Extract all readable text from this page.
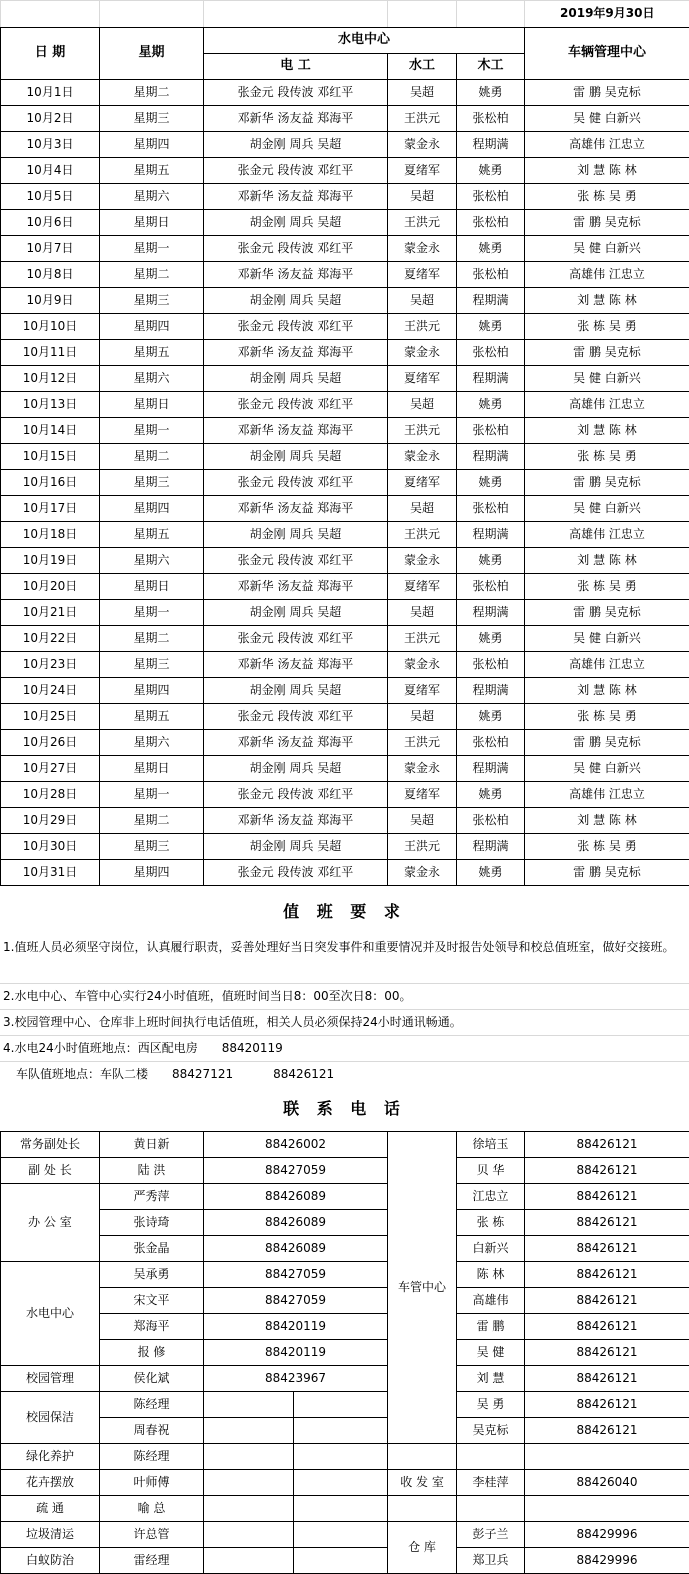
					2019年9月30日
日 期	星期	水电中心			车辆管理中心
		电 工	水工	木工	
10月1日	星期二	张金元 段传波 邓红平	吴超	姚勇	雷 鹏 吴克标
10月2日	星期三	邓新华 汤友益 郑海平	王洪元	张松柏	吴 健 白新兴
10月3日	星期四	胡金刚 周兵 吴超	蒙金永	程期满	高雄伟 江忠立
10月4日	星期五	张金元 段传波 邓红平	夏绪军	姚勇	刘 慧 陈 林
10月5日	星期六	邓新华 汤友益 郑海平	吴超	张松柏	张 栋 吴 勇
10月6日	星期日	胡金刚 周兵 吴超	王洪元	张松柏	雷 鹏 吴克标
10月7日	星期一	张金元 段传波 邓红平	蒙金永	姚勇	吴 健 白新兴
10月8日	星期二	邓新华 汤友益 郑海平	夏绪军	张松柏	高雄伟 江忠立
10月9日	星期三	胡金刚 周兵 吴超	吴超	程期满	刘 慧 陈 林
10月10日	星期四	张金元 段传波 邓红平	王洪元	姚勇	张 栋 吴 勇
10月11日	星期五	邓新华 汤友益 郑海平	蒙金永	张松柏	雷 鹏 吴克标
10月12日	星期六	胡金刚 周兵 吴超	夏绪军	程期满	吴 健 白新兴
10月13日	星期日	张金元 段传波 邓红平	吴超	姚勇	高雄伟 江忠立
10月14日	星期一	邓新华 汤友益 郑海平	王洪元	张松柏	刘 慧 陈 林
10月15日	星期二	胡金刚 周兵 吴超	蒙金永	程期满	张 栋 吴 勇
10月16日	星期三	张金元 段传波 邓红平	夏绪军	姚勇	雷 鹏 吴克标
10月17日	星期四	邓新华 汤友益 郑海平	吴超	张松柏	吴 健 白新兴
10月18日	星期五	胡金刚 周兵 吴超	王洪元	程期满	高雄伟 江忠立
10月19日	星期六	张金元 段传波 邓红平	蒙金永	姚勇	刘 慧 陈 林
10月20日	星期日	邓新华 汤友益 郑海平	夏绪军	张松柏	张 栋 吴 勇
10月21日	星期一	胡金刚 周兵 吴超	吴超	程期满	雷 鹏 吴克标
10月22日	星期二	张金元 段传波 邓红平	王洪元	姚勇	吴 健 白新兴
10月23日	星期三	邓新华 汤友益 郑海平	蒙金永	张松柏	高雄伟 江忠立
10月24日	星期四	胡金刚 周兵 吴超	夏绪军	程期满	刘 慧 陈 林
10月25日	星期五	张金元 段传波 邓红平	吴超	姚勇	张 栋 吴 勇
10月26日	星期六	邓新华 汤友益 郑海平	王洪元	张松柏	雷 鹏 吴克标
10月27日	星期日	胡金刚 周兵 吴超	蒙金永	程期满	吴 健 白新兴
10月28日	星期一	张金元 段传波 邓红平	夏绪军	姚勇	高雄伟 江忠立
10月29日	星期二	邓新华 汤友益 郑海平	吴超	张松柏	刘 慧 陈 林
10月30日	星期三	胡金刚 周兵 吴超	王洪元	程期满	张 栋 吴 勇
10月31日	星期四	张金元 段传波 邓红平	蒙金永	姚勇	雷 鹏 吴克标
值 班 要 求
1.值班人员必须坚守岗位，认真履行职责，妥善处理好当日突发事件和重要情况并及时报告处领导和校总值班室，做好交接班。
2.水电中心、车管中心实行24小时值班，值班时间当日8：00至次日8：00。
3.校园管理中心、仓库非上班时间执行电话值班，相关人员必须保持24小时通讯畅通。
4.水电24小时值班地点：西区配电房 88420119
车队值班地点：车队二楼 88427121	88426121
联 系 电 话
常务副处长	黄日新	88426002		车管中心	徐培玉	88426121
副 处 长	陆 洪	88427059			贝 华	88426121
办 公 室	严秀萍	88426089			江忠立	88426121
	张诗琦	88426089			张 栋	88426121
	张金晶	88426089			白新兴	88426121
水电中心	吴承勇	88427059			陈 林	88426121
	宋文平	88427059			高雄伟	88426121
	郑海平	88420119			雷 鹏	88426121
	报 修	88420119			吴 健	88426121
校园管理	侯化斌	88423967			刘 慧	88426121
校园保洁	陈经理				吴 勇	88426121
	周春祝				吴克标	88426121
绿化养护	陈经理					
花卉摆放	叶师傅			收 发 室	李桂萍	88426040
疏 通	喻 总					
垃圾清运	许总管			仓 库	彭子兰	88429996
白蚁防治	雷经理				郑卫兵	88429996
